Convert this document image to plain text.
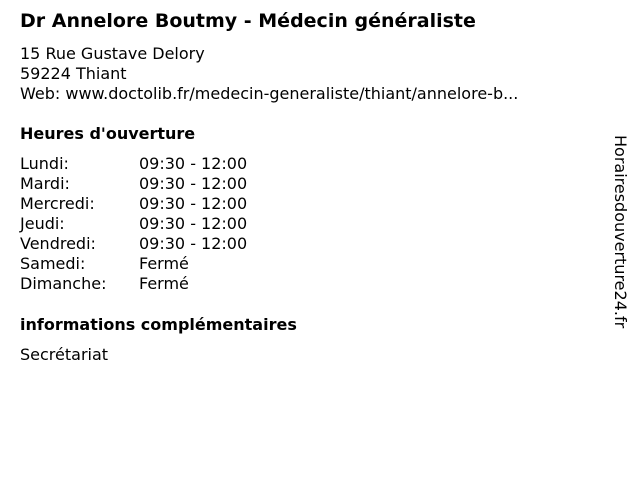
Dr Annelore Boutmy - Médecin généraliste
15 Rue Gustave Delory
59224 Thiant
Web: www.doctolib.fr/medecin-generaliste/thiant/annelore-b...
Heures d'ouverture
Lundi:	09:30 - 12:00
Mardi:	09:30 - 12:00
Mercredi:	09:30 - 12:00
Jeudi:	09:30 - 12:00
Vendredi:	09:30 - 12:00
Samedi:	Fermé
Dimanche: Fermé
informations complémentaires
Secrétariat
Horairesdouverture24.fr
